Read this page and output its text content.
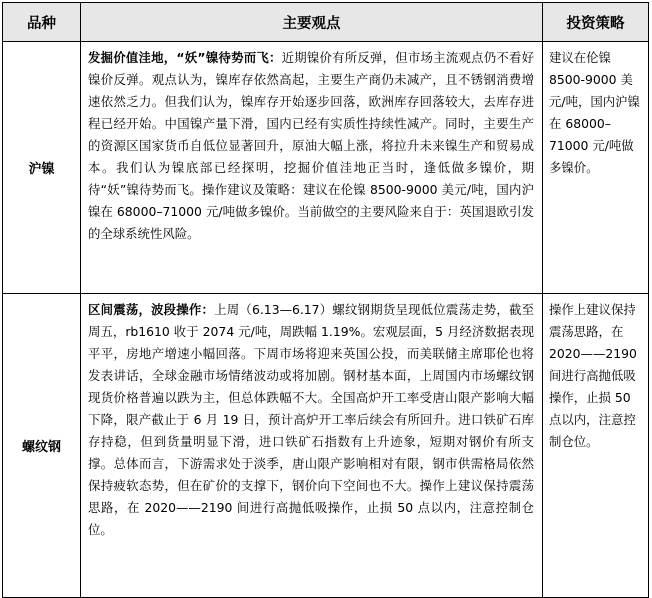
品种	主要观点	投资策略
沪镍	发掘价值洼地，“妖”镍待势而飞：近期镍价有所反弹，但市场主流观点仍不看好镍价反弹。观点认为，镍库存依然高起，主要生产商仍未减产，且不锈钢消费增速依然乏力。但我们认为，镍库存开始逐步回落，欧洲库存回落较大，去库存进程已经开始。中国镍产量下滑，国内已经有实质性持续性减产。同时，主要生产的资源区国家货币自低位显著回升，原油大幅上涨，将拉升未来镍生产和贸易成本。我们认为镍底部已经探明，挖掘价值洼地正当时，逢低做多镍价，期待“妖”镍待势而飞。操作建议及策略：建议在伦镍 8500-9000 美元/吨，国内沪镍在 68000–71000 元/吨做多镍价。当前做空的主要风险来自于：英国退欧引发的全球系统性风险。	建议在伦镍 8500-9000 美元/吨，国内沪镍在 68000–71000 元/吨做多镍价。
螺纹钢	区间震荡，波段操作：上周（6.13—6.17）螺纹钢期货呈现低位震荡走势，截至周五，rb1610 收于 2074 元/吨，周跌幅 1.19%。宏观层面，5 月经济数据表现平平，房地产增速小幅回落。下周市场将迎来英国公投，而美联储主席耶伦也将发表讲话，全球金融市场情绪波动或将加剧。钢材基本面，上周国内市场螺纹钢现货价格普遍以跌为主，但总体跌幅不大。全国高炉开工率受唐山限产影响大幅下降，限产截止于 6 月 19 日，预计高炉开工率后续会有所回升。进口铁矿石库存持稳，但到货量明显下滑，进口铁矿石指数有上升迹象，短期对钢价有所支撑。总体而言，下游需求处于淡季，唐山限产影响相对有限，钢市供需格局依然保持疲软态势，但在矿价的支撑下，钢价向下空间也不大。操作上建议保持震荡思路，在 2020——2190 间进行高抛低吸操作，止损 50 点以内，注意控制仓位。	操作上建议保持震荡思路，在 2020——2190 间进行高抛低吸操作，止损 50 点以内，注意控制仓位。
